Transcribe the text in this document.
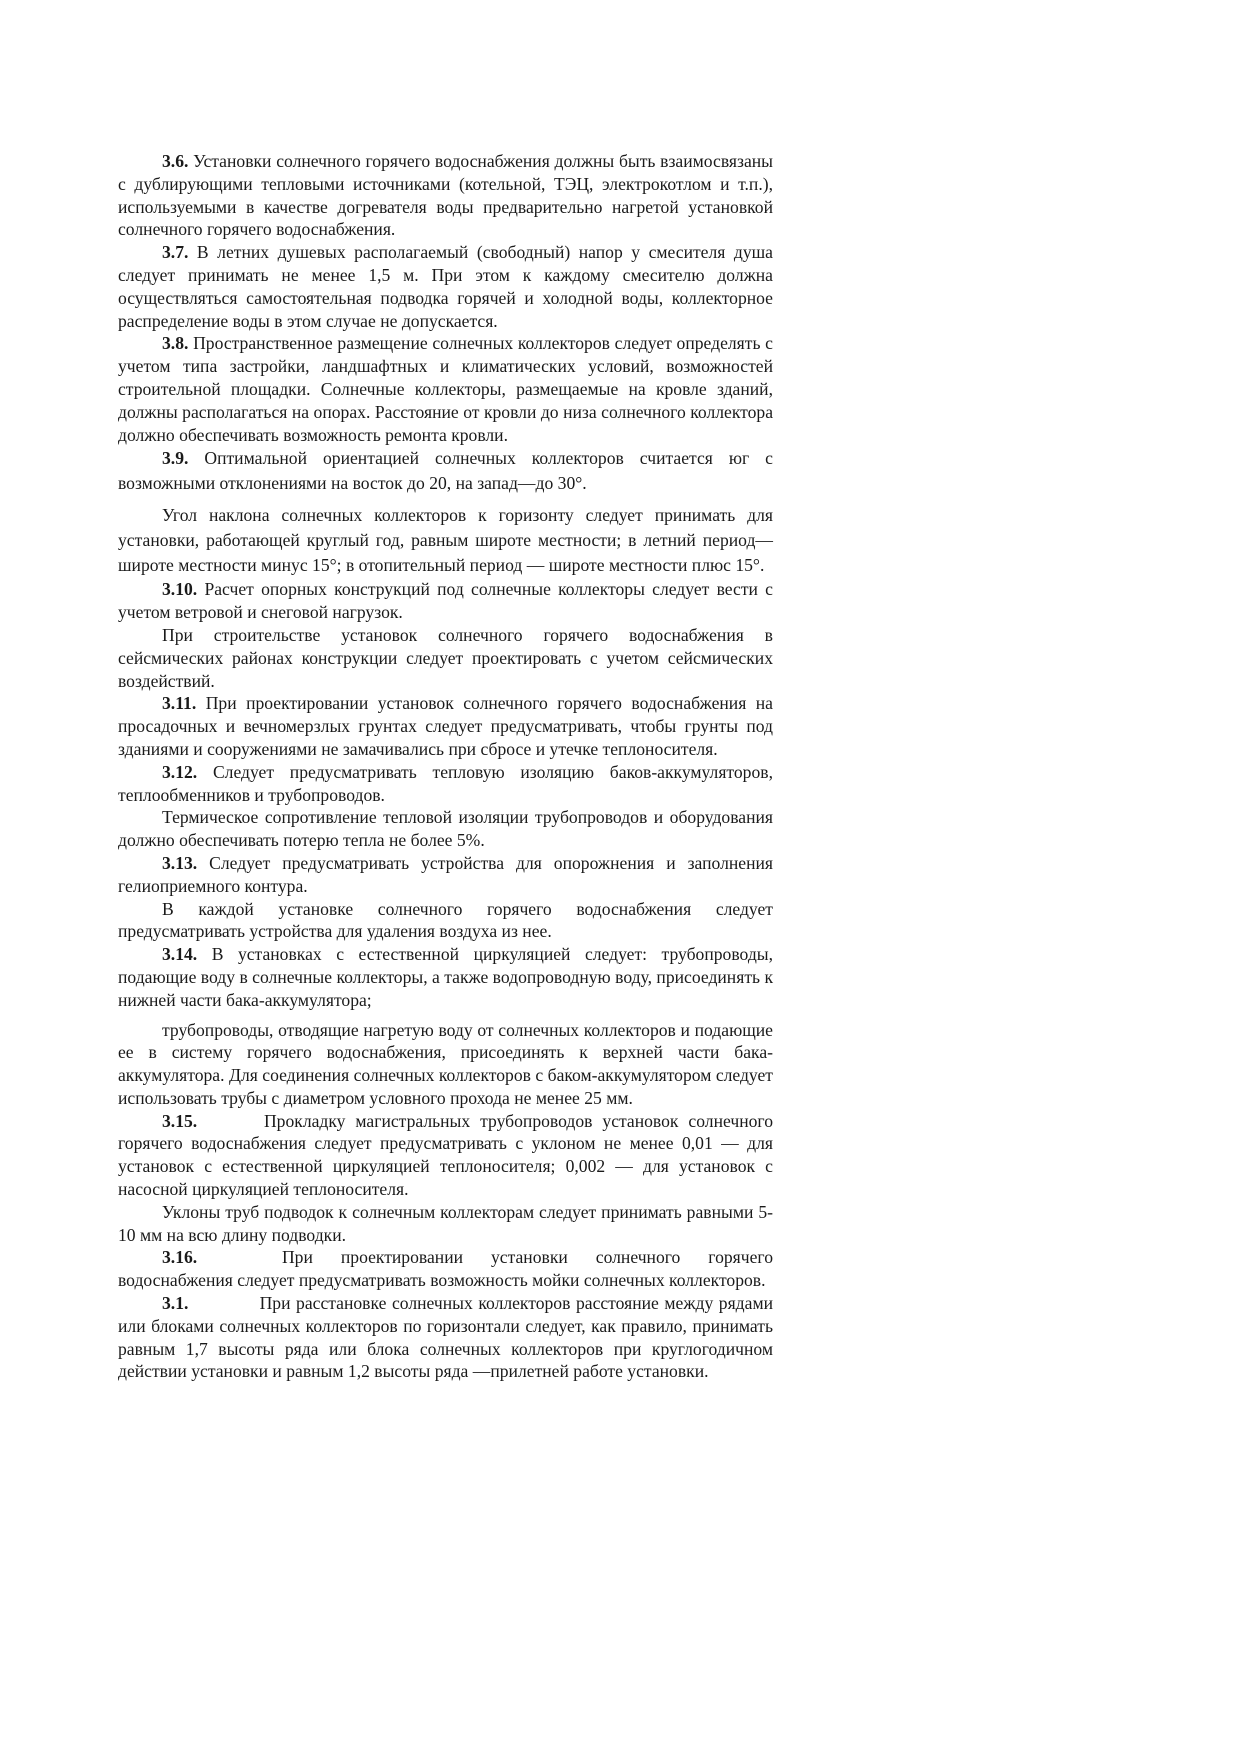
3.6. Установки солнечного горячего водоснабжения должны быть взаимосвязаны с дублирующими тепловыми источниками (котельной, ТЭЦ, электрокотлом и т.п.), используемыми в качестве догревателя воды предварительно нагретой установкой солнечного горячего водоснабжения.

3.7. В летних душевых располагаемый (свободный) напор у смесителя душа следует принимать не менее 1,5 м. При этом к каждому смесителю должна осуществляться самостоятельная подводка горячей и холодной воды, коллекторное распределение воды в этом случае не допускается.

3.8. Пространственное размещение солнечных коллекторов следует определять с учетом типа застройки, ландшафтных и климатических условий, возможностей строительной площадки. Солнечные коллекторы, размещаемые на кровле зданий, должны располагаться на опорах. Расстояние от кровли до низа солнечного коллектора должно обеспечивать возможность ремонта кровли.

3.9. Оптимальной ориентацией солнечных коллекторов считается юг с возможными отклонениями на восток до 20, на запад—до 30°.

Угол наклона солнечных коллекторов к горизонту следует принимать для установки, работающей круглый год, равным широте местности; в летний период—широте местности минус 15°; в отопительный период — широте местности плюс 15°.

3.10. Расчет опорных конструкций под солнечные коллекторы следует вести с учетом ветровой и снеговой нагрузок.

При строительстве установок солнечного горячего водоснабжения в сейсмических районах конструкции следует проектировать с учетом сейсмических воздействий.

3.11. При проектировании установок солнечного горячего водоснабжения на просадочных и вечномерзлых грунтах следует предусматривать, чтобы грунты под зданиями и сооружениями не замачивались при сбросе и утечке теплоносителя.

3.12. Следует предусматривать тепловую изоляцию баков-аккумуляторов, теплообменников и трубопроводов.

Термическое сопротивление тепловой изоляции трубопроводов и оборудования должно обеспечивать потерю тепла не более 5%.

3.13. Следует предусматривать устройства для опорожнения и заполнения гелиоприемного контура.

В каждой установке солнечного горячего водоснабжения следует предусматривать устройства для удаления воздуха из нее.

3.14. В установках с естественной циркуляцией следует: трубопроводы, подающие воду в солнечные коллекторы, а также водопроводную воду, присоединять к нижней части бака-аккумулятора;

трубопроводы, отводящие нагретую воду от солнечных коллекторов и подающие ее в систему горячего водоснабжения, присоединять к верхней части бака-аккумулятора. Для соединения солнечных коллекторов с баком-аккумулятором следует использовать трубы с диаметром условного прохода не менее 25 мм.

3.15.	Прокладку магистральных трубопроводов установок солнечного горячего водоснабжения следует предусматривать с уклоном не менее 0,01 — для установок с естественной циркуляцией теплоносителя; 0,002 — для установок с насосной циркуляцией теплоносителя.

Уклоны труб подводок к солнечным коллекторам следует принимать равными 5-10 мм на всю длину подводки.

3.16.	При проектировании установки солнечного горячего водоснабжения следует предусматривать возможность мойки солнечных коллекторов.

3.1.	При расстановке солнечных коллекторов расстояние между рядами или блоками солнечных коллекторов по горизонтали следует, как правило, принимать равным 1,7 высоты ряда или блока солнечных коллекторов при круглогодичном действии установки и равным 1,2 высоты ряда —прилетней работе установки.
